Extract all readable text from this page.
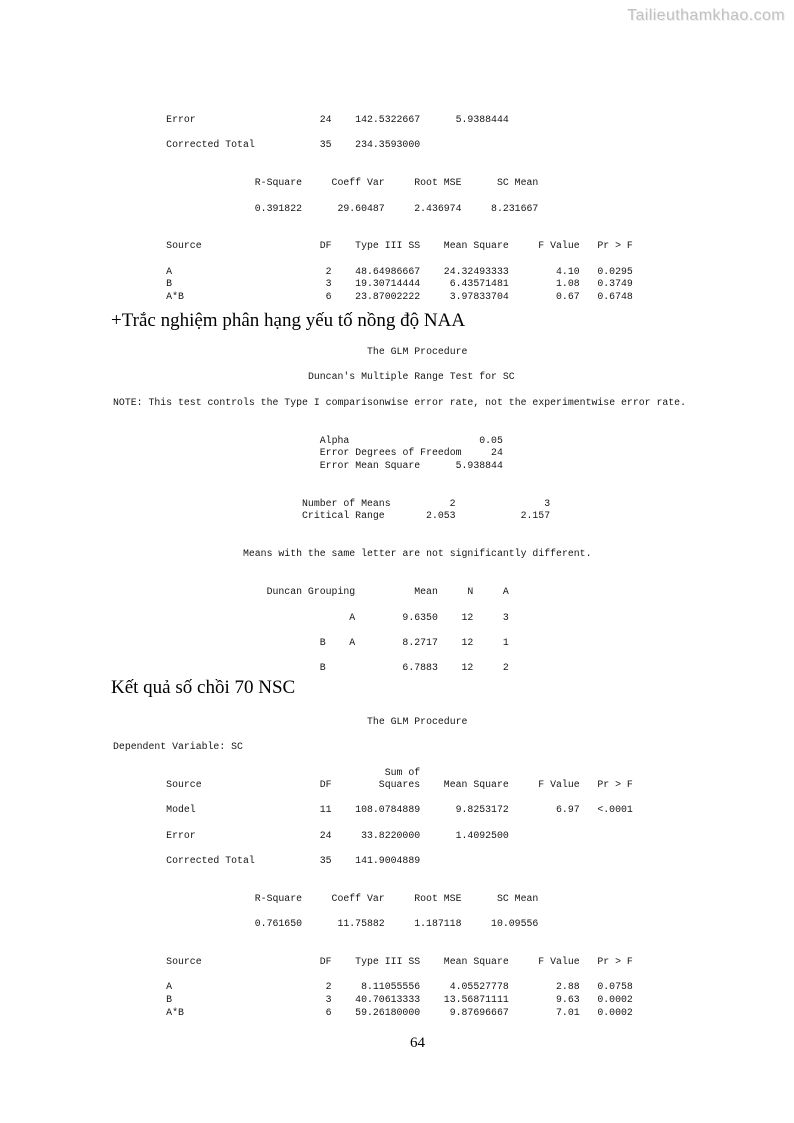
Tailieuthamkhao.com
Error	24	142.5322667	5.9388444
Corrected Total	35	234.3593000
R-Square	Coeff Var	Root MSE	SC Mean
0.391822	29.60487	2.436974	8.231667
Source	DF	Type III SS	Mean Square	F Value	Pr > F
A	2	48.64986667	24.32493333	4.10	0.0295
B	3	19.30714444	6.43571481	1.08	0.3749
A*B	6	23.87002222	3.97833704	0.67	0.6748
+Trắc nghiệm phân hạng yếu tố nồng độ NAA
The GLM Procedure
Duncan's Multiple Range Test for SC
NOTE: This test controls the Type I comparisonwise error rate, not the experimentwise error rate.
Alpha	0.05
Error Degrees of Freedom	24
Error Mean Square	5.938844
Number of Means	2	3
Critical Range	2.053	2.157
Means with the same letter are not significantly different.
Duncan Grouping	Mean	N	A
A	9.6350	12	3
B A	8.2717	12	1
B	6.7883	12	2
Kết quả số chồi 70 NSC
The GLM Procedure
Dependent Variable: SC
Sum of
Source	DF	Squares	Mean Square	F Value	Pr > F
Model	11	108.0784889	9.8253172	6.97	<.0001
Error	24	33.8220000	1.4092500
Corrected Total	35	141.9004889
R-Square	Coeff Var	Root MSE	SC Mean
0.761650	11.75882	1.187118	10.09556
Source	DF	Type III SS	Mean Square	F Value	Pr > F
A	2	8.11055556	4.05527778	2.88	0.0758
B	3	40.70613333	13.56871111	9.63	0.0002
A*B	6	59.26180000	9.87696667	7.01	0.0002
64
